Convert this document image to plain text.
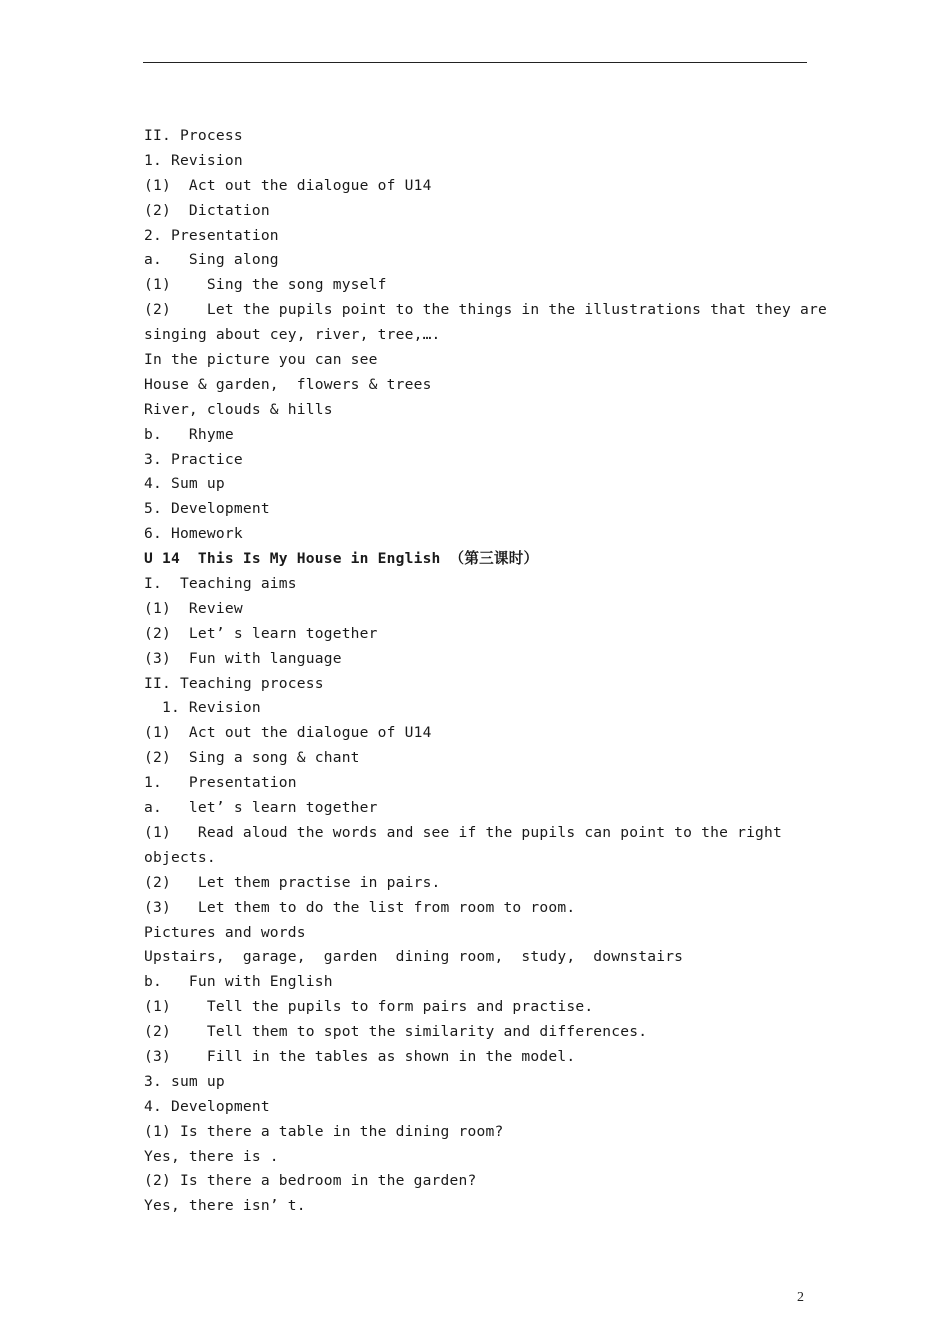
II. Process
1. Revision
(1)  Act out the dialogue of U14
(2)  Dictation
2. Presentation
a.   Sing along
(1)    Sing the song myself
(2)    Let the pupils point to the things in the illustrations that they are
singing about cey, river, tree,….
In the picture you can see
House & garden,  flowers & trees
River, clouds & hills
b.   Rhyme
3. Practice
4. Sum up
5. Development
6. Homework
U 14  This Is My House in English （第三课时）
I.  Teaching aims
(1)  Review
(2)  Let’ s learn together
(3)  Fun with language
II. Teaching process
1. Revision
(1)  Act out the dialogue of U14
(2)  Sing a song & chant
1.   Presentation
a.   let’ s learn together
(1)   Read aloud the words and see if the pupils can point to the right
objects.
(2)   Let them practise in pairs.
(3)   Let them to do the list from room to room.
Pictures and words
Upstairs,  garage,  garden  dining room,  study,  downstairs
b.   Fun with English
(1)    Tell the pupils to form pairs and practise.
(2)    Tell them to spot the similarity and differences.
(3)    Fill in the tables as shown in the model.
3. sum up
4. Development
(1) Is there a table in the dining room?
Yes, there is .
(2) Is there a bedroom in the garden?
Yes, there isn’ t.
2
